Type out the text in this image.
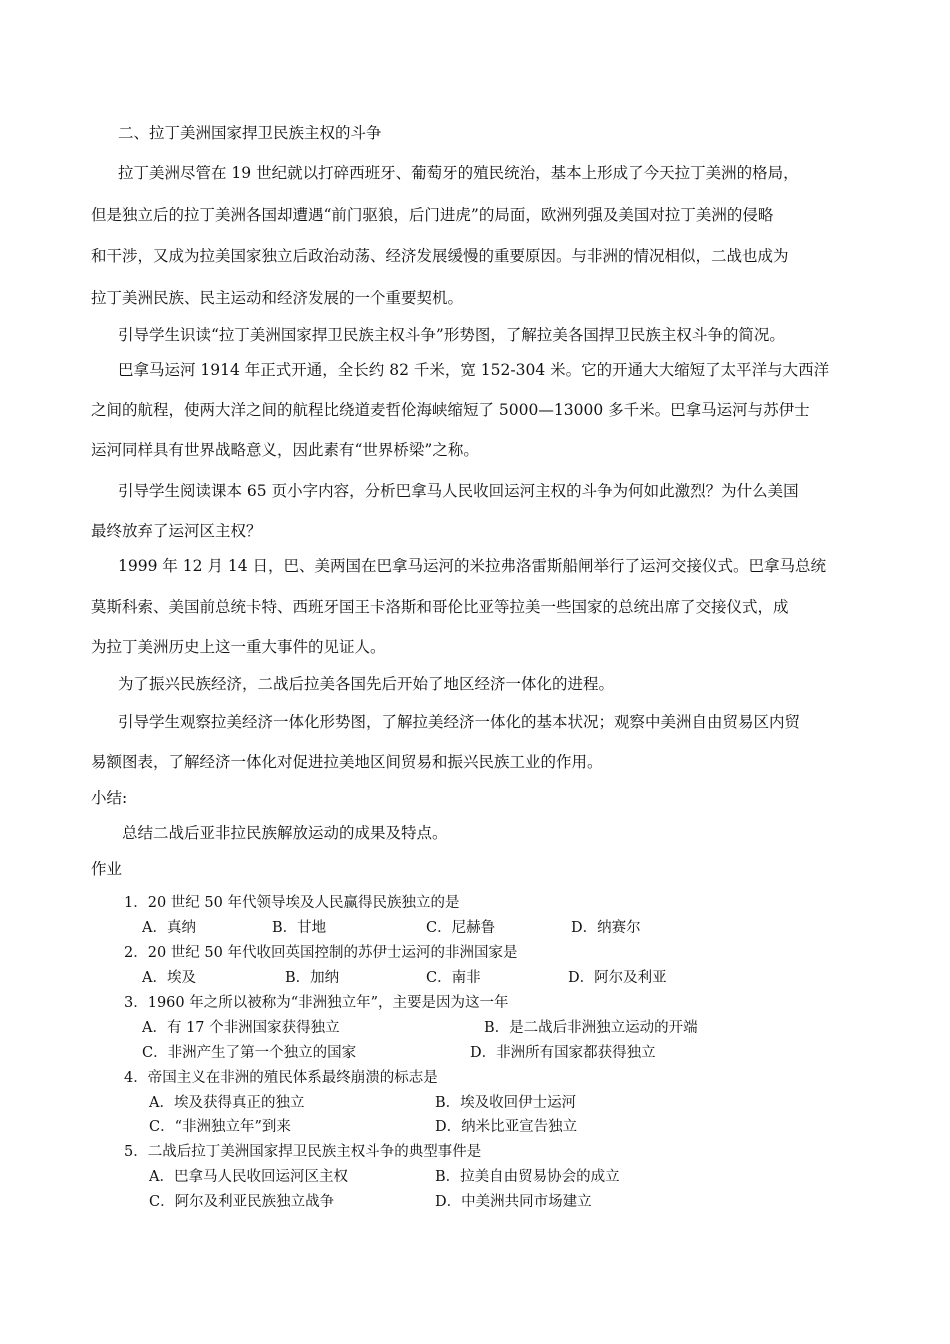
二、拉丁美洲国家捍卫民族主权的斗争
拉丁美洲尽管在 19 世纪就以打碎西班牙、葡萄牙的殖民统治，基本上形成了今天拉丁美洲的格局，
但是独立后的拉丁美洲各国却遭遇“前门驱狼，后门进虎”的局面，欧洲列强及美国对拉丁美洲的侵略
和干涉，又成为拉美国家独立后政治动荡、经济发展缓慢的重要原因。与非洲的情况相似，二战也成为
拉丁美洲民族、民主运动和经济发展的一个重要契机。
引导学生识读“拉丁美洲国家捍卫民族主权斗争”形势图，了解拉美各国捍卫民族主权斗争的简况。
巴拿马运河 1914 年正式开通，全长约 82 千米，宽 152-304 米。它的开通大大缩短了太平洋与大西洋
之间的航程，使两大洋之间的航程比绕道麦哲伦海峡缩短了 5000—13000 多千米。巴拿马运河与苏伊士
运河同样具有世界战略意义，因此素有“世界桥梁”之称。
引导学生阅读课本 65 页小字内容，分析巴拿马人民收回运河主权的斗争为何如此激烈？为什么美国
最终放弃了运河区主权？
1999 年 12 月 14 日，巴、美两国在巴拿马运河的米拉弗洛雷斯船闸举行了运河交接仪式。巴拿马总统
莫斯科索、美国前总统卡特、西班牙国王卡洛斯和哥伦比亚等拉美一些国家的总统出席了交接仪式，成
为拉丁美洲历史上这一重大事件的见证人。
为了振兴民族经济，二战后拉美各国先后开始了地区经济一体化的进程。
引导学生观察拉美经济一体化形势图，了解拉美经济一体化的基本状况；观察中美洲自由贸易区内贸
易额图表，了解经济一体化对促进拉美地区间贸易和振兴民族工业的作用。
小结:
总结二战后亚非拉民族解放运动的成果及特点。
作业
1．20 世纪 50 年代领导埃及人民赢得民族独立的是
A．真纳	B．甘地	C．尼赫鲁	D．纳赛尔
2．20 世纪 50 年代收回英国控制的苏伊士运河的非洲国家是
A．埃及	B．加纳	C．南非	D．阿尔及利亚
3．1960 年之所以被称为“非洲独立年”，主要是因为这一年
A．有 17 个非洲国家获得独立	B．是二战后非洲独立运动的开端
C．非洲产生了第一个独立的国家	D．非洲所有国家都获得独立
4．帝国主义在非洲的殖民体系最终崩溃的标志是
A．埃及获得真正的独立	B．埃及收回伊士运河
C．“非洲独立年”到来	D．纳米比亚宣告独立
5．二战后拉丁美洲国家捍卫民族主权斗争的典型事件是
A．巴拿马人民收回运河区主权	B．拉美自由贸易协会的成立
C．阿尔及利亚民族独立战争	D．中美洲共同市场建立
